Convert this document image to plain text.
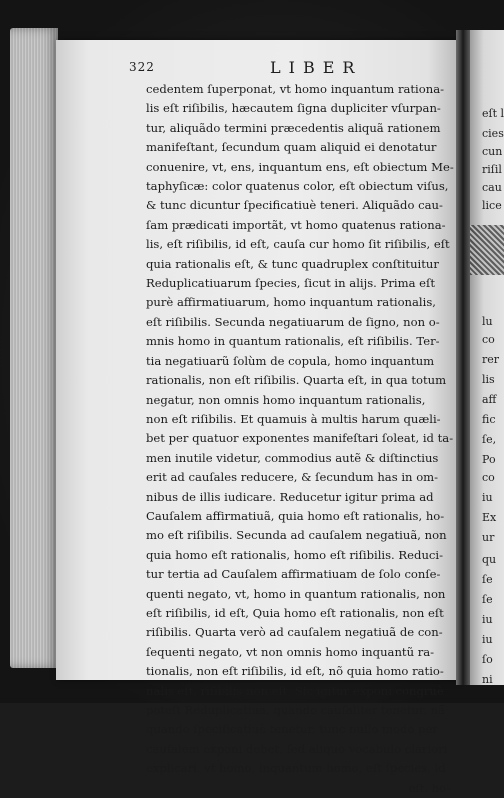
eſt l
cies
cun
riſil
cau
lice
lu
co
rer
lis
aff
fic
ſe,
Po
co
iu
Ex
ur
qu
ſe
ſe
iu
iu
ſo
ni
322	LIBER
cedentem ſuperponat, vt homo inquantum rationa-
lis eſt riſibilis, hæcautem ſigna dupliciter vſurpan-
tur, aliquãdo termini præcedentis aliquã rationem
manifeſtant, ſecundum quam aliquid ei denotatur
conuenire, vt, ens, inquantum ens, eſt obiectum Me-
taphyſicæ: color quatenus color, eſt obiectum viſus,
& tunc dicuntur ſpecificatiuè teneri. Aliquãdo cau-
ſam prædicati importãt, vt homo quatenus rationa-
lis, eſt riſibilis, id eſt, cauſa cur homo ſit riſibilis, eſt
quia rationalis eſt, & tunc quadruplex conſtituitur
Reduplicatiuarum ſpecies, ſicut in alijs. Prima eſt
purè affirmatiuarum, homo inquantum rationalis,
eſt riſibilis. Secunda negatiuarum de ſigno, non o-
mnis homo in quantum rationalis, eſt riſibilis. Ter-
tia negatiuarũ ſolùm de copula, homo inquantum
rationalis, non eſt riſibilis. Quarta eſt, in qua totum
negatur, non omnis homo inquantum rationalis,
non eſt riſibilis. Et quamuis à multis harum quæli-
bet per quatuor exponentes manifeſtari ſoleat, id ta-
men inutile videtur, commodius autẽ & diſtinctius
erit ad cauſales reducere, & ſecundum has in om-
nibus de illis iudicare. Reducetur igitur prima ad
Cauſalem affirmatiuã, quia homo eſt rationalis, ho-
mo eſt riſibilis. Secunda ad cauſalem negatiuã, non
quia homo eſt rationalis, homo eſt riſibilis. Reduci-
tur tertia ad Cauſalem affirmatiuam de ſolo conſe-
quenti negato, vt, homo in quantum rationalis, non
eſt riſibilis, id eſt, Quia homo eſt rationalis, non eſt
riſibilis. Quarta verò ad cauſalem negatiuã de con-
ſequenti negato, vt non omnis homo inquantũ ra-
tionalis, non eſt riſibilis, id eſt, nõ quia homo ratio-
nalis eſt, riſibilis non eſt. Sic igitur exponi congruè
poteſt Reduplicatiua, quando cauſaliter tenetur, nã
quando ſpecificatiuè tenetur, tunc nullo modo per
cauſalem exponi debet, ſed aliquo vocabulo clariori
explicari, vt homo, inquantum homo, eſt ſpecies, id
eſt, ho-
